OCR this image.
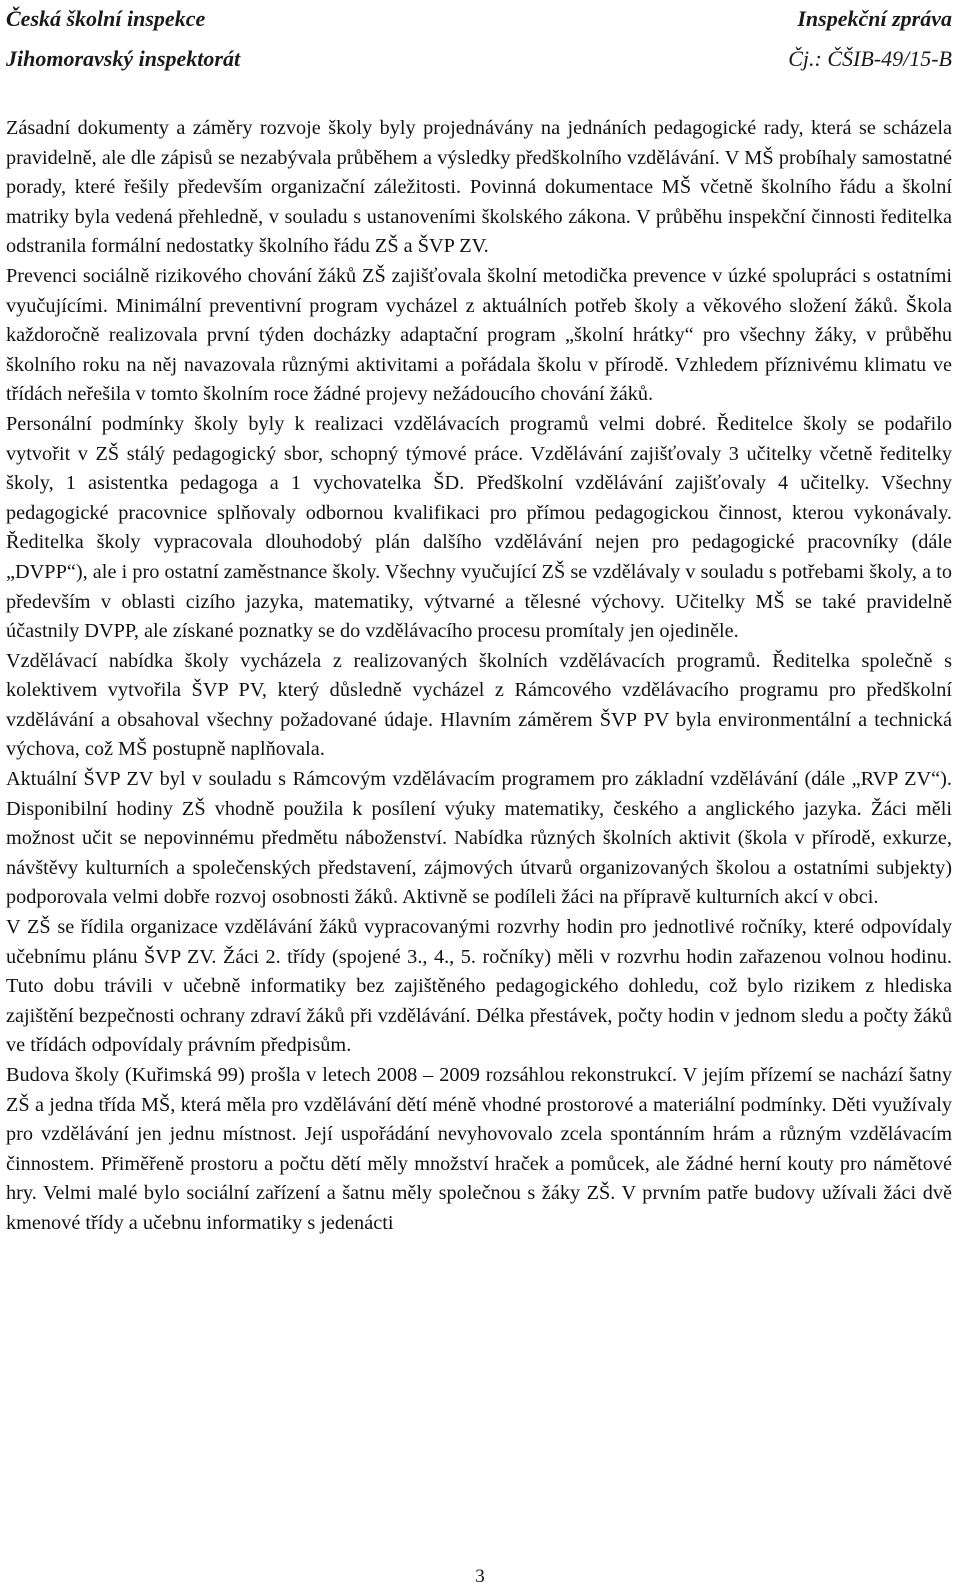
Česká školní inspekce	Inspekční zpráva
Jihomoravský inspektorát	Čj.: ČŠIB-49/15-B

Zásadní dokumenty a záměry rozvoje školy byly projednávány na jednáních pedagogické rady, která se scházela pravidelně, ale dle zápisů se nezabývala průběhem a výsledky předškolního vzdělávání. V MŠ probíhaly samostatné porady, které řešily především organizační záležitosti. Povinná dokumentace MŠ včetně školního řádu a školní matriky byla vedená přehledně, v souladu s ustanoveními školského zákona. V průběhu inspekční činnosti ředitelka odstranila formální nedostatky školního řádu ZŠ a ŠVP ZV.

Prevenci sociálně rizikového chování žáků ZŠ zajišťovala školní metodička prevence v úzké spolupráci s ostatními vyučujícími. Minimální preventivní program vycházel z aktuálních potřeb školy a věkového složení žáků. Škola každoročně realizovala první týden docházky adaptační program „školní hrátky“ pro všechny žáky, v průběhu školního roku na něj navazovala různými aktivitami a pořádala školu v přírodě. Vzhledem příznivému klimatu ve třídách neřešila v tomto školním roce žádné projevy nežádoucího chování žáků.

Personální podmínky školy byly k realizaci vzdělávacích programů velmi dobré. Ředitelce školy se podařilo vytvořit v ZŠ stálý pedagogický sbor, schopný týmové práce. Vzdělávání zajišťovaly 3 učitelky včetně ředitelky školy, 1 asistentka pedagoga a 1 vychovatelka ŠD. Předškolní vzdělávání zajišťovaly 4 učitelky. Všechny pedagogické pracovnice splňovaly odbornou kvalifikaci pro přímou pedagogickou činnost, kterou vykonávaly. Ředitelka školy vypracovala dlouhodobý plán dalšího vzdělávání nejen pro pedagogické pracovníky (dále „DVPP“), ale i pro ostatní zaměstnance školy. Všechny vyučující ZŠ se vzdělávaly v souladu s potřebami školy, a to především v oblasti cizího jazyka, matematiky, výtvarné a tělesné výchovy. Učitelky MŠ se také pravidelně účastnily DVPP, ale získané poznatky se do vzdělávacího procesu promítaly jen ojediněle.

Vzdělávací nabídka školy vycházela z realizovaných školních vzdělávacích programů. Ředitelka společně s kolektivem vytvořila ŠVP PV, který důsledně vycházel z Rámcového vzdělávacího programu pro předškolní vzdělávání a obsahoval všechny požadované údaje. Hlavním záměrem ŠVP PV byla environmentální a technická výchova, což MŠ postupně naplňovala.

Aktuální ŠVP ZV byl v souladu s Rámcovým vzdělávacím programem pro základní vzdělávání (dále „RVP ZV“). Disponibilní hodiny ZŠ vhodně použila k posílení výuky matematiky, českého a anglického jazyka. Žáci měli možnost učit se nepovinnému předmětu náboženství. Nabídka různých školních aktivit (škola v přírodě, exkurze, návštěvy kulturních a společenských představení, zájmových útvarů organizovaných školou a ostatními subjekty) podporovala velmi dobře rozvoj osobnosti žáků. Aktivně se podíleli žáci na přípravě kulturních akcí v obci.

V ZŠ se řídila organizace vzdělávání žáků vypracovanými rozvrhy hodin pro jednotlivé ročníky, které odpovídaly učebnímu plánu ŠVP ZV. Žáci 2. třídy (spojené 3., 4., 5. ročníky) měli v rozvrhu hodin zařazenou volnou hodinu. Tuto dobu trávili v učebně informatiky bez zajištěného pedagogického dohledu, což bylo rizikem z hlediska zajištění bezpečnosti ochrany zdraví žáků při vzdělávání. Délka přestávek, počty hodin v jednom sledu a počty žáků ve třídách odpovídaly právním předpisům.

Budova školy (Kuřimská 99) prošla v letech 2008 – 2009 rozsáhlou rekonstrukcí. V jejím přízemí se nachází šatny ZŠ a jedna třída MŠ, která měla pro vzdělávání dětí méně vhodné prostorové a materiální podmínky. Děti využívaly pro vzdělávání jen jednu místnost. Její uspořádání nevyhovovalo zcela spontánním hrám a různým vzdělávacím činnostem. Přiměřeně prostoru a počtu dětí měly množství hraček a pomůcek, ale žádné herní kouty pro námětové hry. Velmi malé bylo sociální zařízení a šatnu měly společnou s žáky ZŠ. V prvním patře budovy užívali žáci dvě kmenové třídy a učebnu informatiky s jedenácti

3
